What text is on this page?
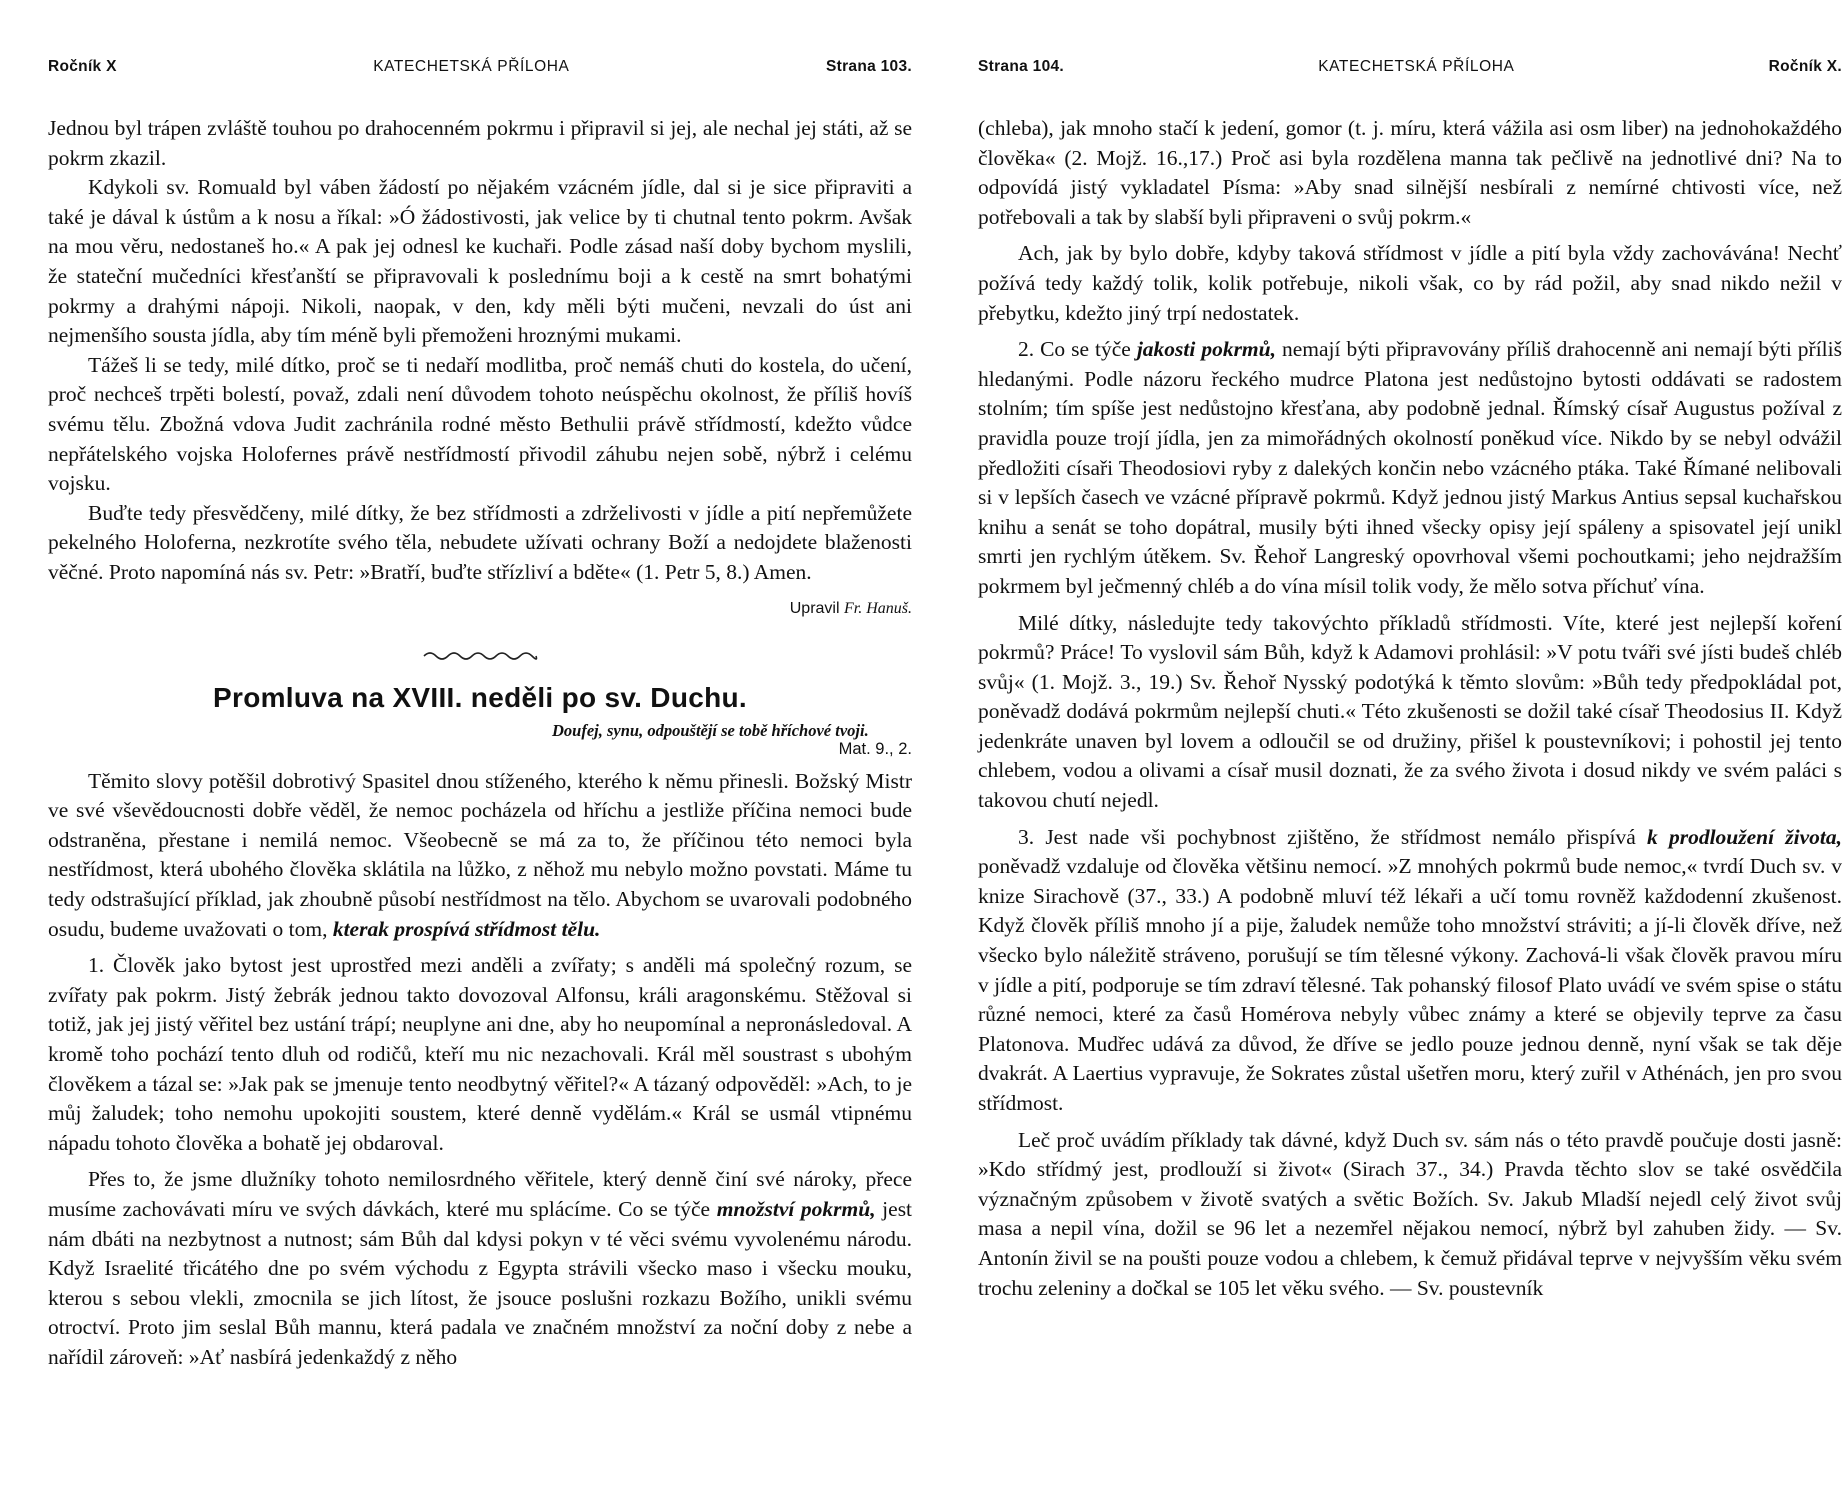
Ročník X	KATECHETSKÁ PŘÍLOHA	Strana 103.

Jednou byl trápen zvláště touhou po drahocenném pokrmu i připravil si jej, ale nechal jej státi, až se pokrm zkazil.

Kdykoli sv. Romuald byl váben žádostí po nějakém vzácném jídle, dal si je sice připraviti a také je dával k ústům a k nosu a říkal: »Ó žádostivosti, jak velice by ti chutnal tento pokrm. Avšak na mou věru, nedostaneš ho.« A pak jej odnesl ke kuchaři. Podle zásad naší doby bychom myslili, že stateční mučedníci křesťanští se připravovali k poslednímu boji a k cestě na smrt bohatými pokrmy a drahými nápoji. Nikoli, naopak, v den, kdy měli býti mučeni, nevzali do úst ani nejmenšího sousta jídla, aby tím méně byli přemoženi hroznými mukami.

Tážeš li se tedy, milé dítko, proč se ti nedaří modlitba, proč nemáš chuti do kostela, do učení, proč nechceš trpěti bolestí, považ, zdali není důvodem tohoto neúspěchu okolnost, že příliš hovíš svému tělu. Zbožná vdova Judit zachránila rodné město Bethulii právě střídmostí, kdežto vůdce nepřátelského vojska Holofernes právě nestřídmostí přivodil záhubu nejen sobě, nýbrž i celému vojsku.

Buďte tedy přesvědčeny, milé dítky, že bez střídmosti a zdrželivosti v jídle a pití nepřemůžete pekelného Holoferna, nezkrotíte svého těla, nebudete užívati ochrany Boží a nedojdete blaženosti věčné. Proto napomíná nás sv. Petr: »Bratří, buďte střízliví a bděte« (1. Petr 5, 8.) Amen.

Upravil Fr. Hanuš.
Promluva na XVIII. neděli po sv. Duchu.
Doufej, synu, odpouštějí se tobě hříchové tvoji.
Mat. 9., 2.

Těmito slovy potěšil dobrotivý Spasitel dnou stíženého, kterého k němu přinesli. Božský Mistr ve své vševědoucnosti dobře věděl, že nemoc pocházela od hříchu a jestliže příčina nemoci bude odstraněna, přestane i nemilá nemoc. Všeobecně se má za to, že příčinou této nemoci byla nestřídmost, která ubohého člověka sklátila na lůžko, z něhož mu nebylo možno povstati. Máme tu tedy odstrašující příklad, jak zhoubně působí nestřídmost na tělo. Abychom se uvarovali podobného osudu, budeme uvažovati o tom, kterak prospívá střídmost tělu.

1. Člověk jako bytost jest uprostřed mezi anděli a zvířaty; s anděli má společný rozum, se zvířaty pak pokrm. Jistý žebrák jednou takto dovozoval Alfonsu, králi aragonskému. Stěžoval si totiž, jak jej jistý věřitel bez ustání trápí; neuplyne ani dne, aby ho neupomínal a nepronásledoval. A kromě toho pochází tento dluh od rodičů, kteří mu nic nezachovali. Král měl soustrast s ubohým člověkem a tázal se: »Jak pak se jmenuje tento neodbytný věřitel?« A tázaný odpověděl: »Ach, to je můj žaludek; toho nemohu upokojiti soustem, které denně vydělám.« Král se usmál vtipnému nápadu tohoto člověka a bohatě jej obdaroval.

Přes to, že jsme dlužníky tohoto nemilosrdného věřitele, který denně činí své nároky, přece musíme zachovávati míru ve svých dávkách, které mu splácíme. Co se týče množství pokrmů, jest nám dbáti na nezbytnost a nutnost; sám Bůh dal kdysi pokyn v té věci svému vyvolenému národu. Když Israelité třicátého dne po svém východu z Egypta strávili všecko maso i všecku mouku, kterou s sebou vlekli, zmocnila se jich lítost, že jsouce poslušni rozkazu Božího, unikli svému otroctví. Proto jim seslal Bůh mannu, která padala ve značném množství za noční doby z nebe a nařídil zároveň: »Ať nasbírá jedenkaždý z něho

Strana 104.	KATECHETSKÁ PŘÍLOHA	Ročník X.

(chleba), jak mnoho stačí k jedení, gomor (t. j. míru, která vážila asi osm liber) na jednohokaždého člověka« (2. Mojž. 16.,17.) Proč asi byla rozdělena manna tak pečlivě na jednotlivé dni? Na to odpovídá jistý vykladatel Písma: »Aby snad silnější nesbírali z nemírné chtivosti více, než potřebovali a tak by slabší byli připraveni o svůj pokrm.«

Ach, jak by bylo dobře, kdyby taková střídmost v jídle a pití byla vždy zachovávána! Nechť požívá tedy každý tolik, kolik potřebuje, nikoli však, co by rád požil, aby snad nikdo nežil v přebytku, kdežto jiný trpí nedostatek.

2. Co se týče jakosti pokrmů, nemají býti připravovány příliš drahocenně ani nemají býti příliš hledanými. Podle názoru řeckého mudrce Platona jest nedůstojno bytosti oddávati se radostem stolním; tím spíše jest nedůstojno křesťana, aby podobně jednal. Římský císař Augustus požíval z pravidla pouze trojí jídla, jen za mimořádných okolností poněkud více. Nikdo by se nebyl odvážil předložiti císaři Theodosiovi ryby z dalekých končin nebo vzácného ptáka. Také Římané nelibovali si v lepších časech ve vzácné přípravě pokrmů. Když jednou jistý Markus Antius sepsal kuchařskou knihu a senát se toho dopátral, musily býti ihned všecky opisy její spáleny a spisovatel její unikl smrti jen rychlým útěkem. Sv. Řehoř Langreský opovrhoval všemi pochoutkami; jeho nejdražším pokrmem byl ječmenný chléb a do vína mísil tolik vody, že mělo sotva příchuť vína.

Milé dítky, následujte tedy takovýchto příkladů střídmosti. Víte, které jest nejlepší koření pokrmů? Práce! To vyslovil sám Bůh, když k Adamovi prohlásil: »V potu tváři své jísti budeš chléb svůj« (1. Mojž. 3., 19.) Sv. Řehoř Nysský podotýká k těmto slovům: »Bůh tedy předpokládal pot, poněvadž dodává pokrmům nejlepší chuti.« Této zkušenosti se dožil také císař Theodosius II. Když jedenkráte unaven byl lovem a odloučil se od družiny, přišel k poustevníkovi; i pohostil jej tento chlebem, vodou a olivami a císař musil doznati, že za svého života i dosud nikdy ve svém paláci s takovou chutí nejedl.

3. Jest nade vši pochybnost zjištěno, že střídmost nemálo přispívá k prodloužení života, poněvadž vzdaluje od člověka většinu nemocí. »Z mnohých pokrmů bude nemoc,« tvrdí Duch sv. v knize Sirachově (37., 33.) A podobně mluví též lékaři a učí tomu rovněž každodenní zkušenost. Když člověk příliš mnoho jí a pije, žaludek nemůže toho množství stráviti; a jí-li člověk dříve, než všecko bylo náležitě stráveno, porušují se tím tělesné výkony. Zachová-li však člověk pravou míru v jídle a pití, podporuje se tím zdraví tělesné. Tak pohanský filosof Plato uvádí ve svém spise o státu různé nemoci, které za časů Homérova nebyly vůbec známy a které se objevily teprve za času Platonova. Mudřec udává za důvod, že dříve se jedlo pouze jednou denně, nyní však se tak děje dvakrát. A Laertius vypravuje, že Sokrates zůstal ušetřen moru, který zuřil v Athénách, jen pro svou střídmost.

Leč proč uvádím příklady tak dávné, když Duch sv. sám nás o této pravdě poučuje dosti jasně: »Kdo střídmý jest, prodlouží si život« (Sirach 37., 34.) Pravda těchto slov se také osvědčila význačným způsobem v životě svatých a světic Božích. Sv. Jakub Mladší nejedl celý život svůj masa a nepil vína, dožil se 96 let a nezemřel nějakou nemocí, nýbrž byl zahuben židy. — Sv. Antonín živil se na poušti pouze vodou a chlebem, k čemuž přidával teprve v nejvyšším věku svém trochu zeleniny a dočkal se 105 let věku svého. — Sv. poustevník
